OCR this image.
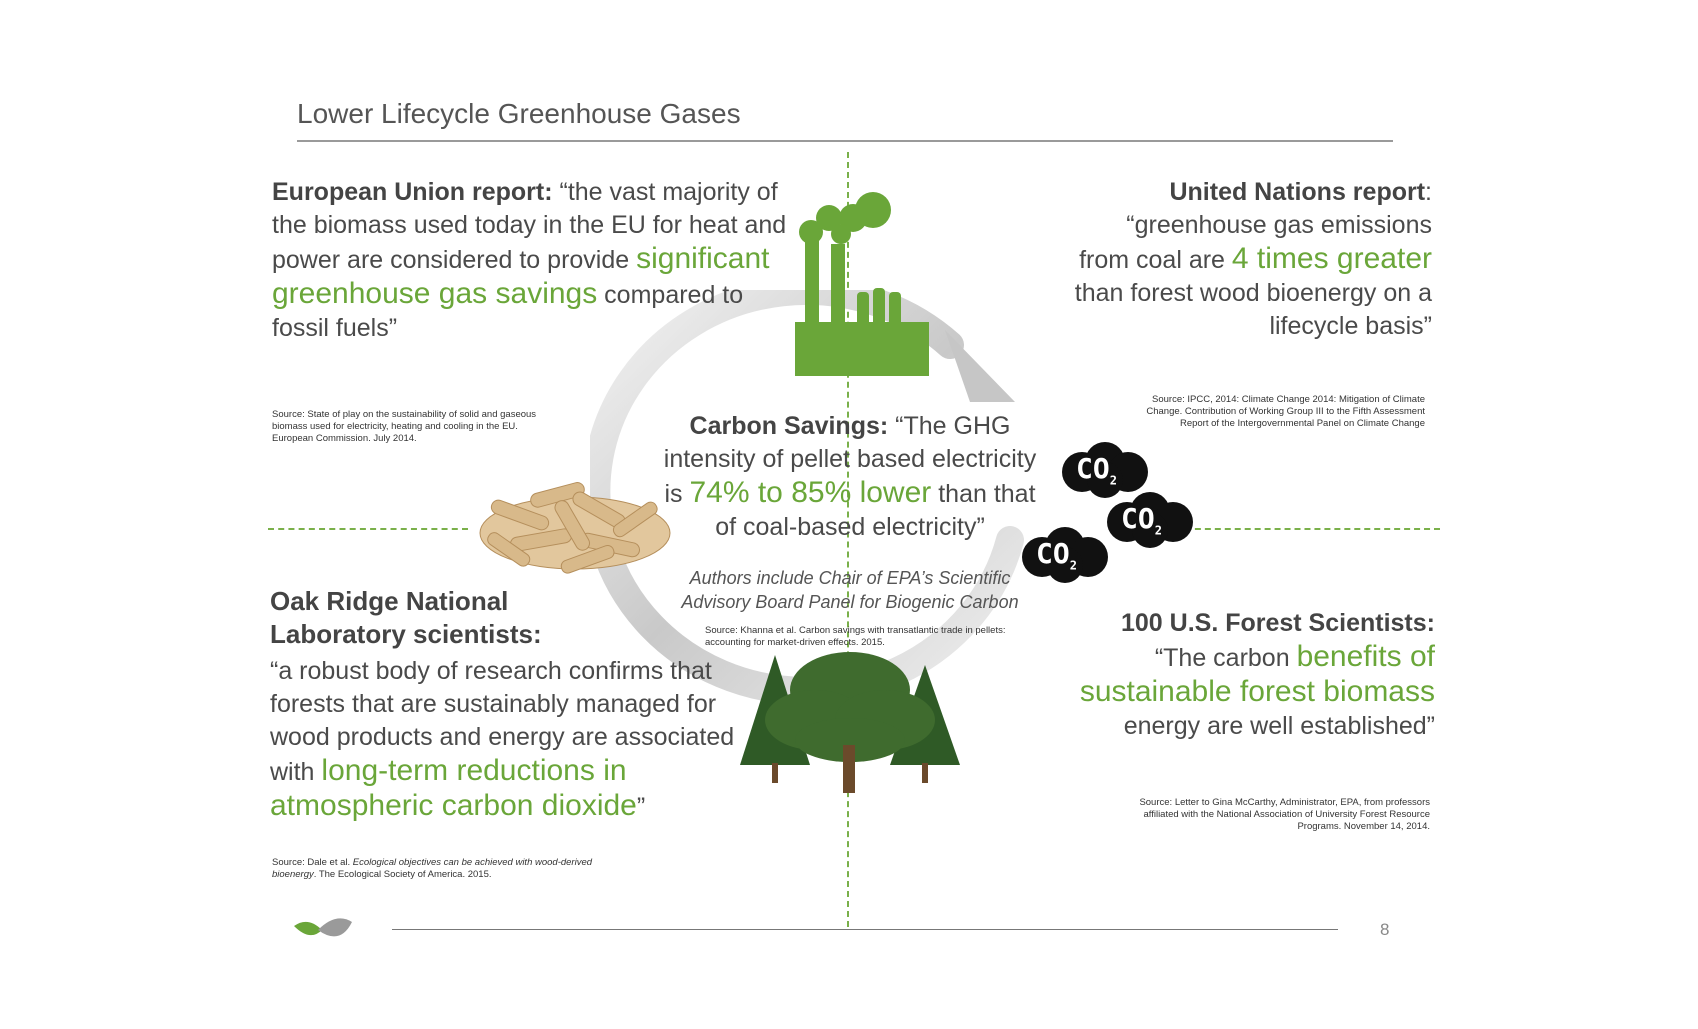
Lower Lifecycle Greenhouse Gases
European Union report: “the vast majority of the biomass used today in the EU for heat and power are considered to provide significant greenhouse gas savings compared to fossil fuels”
Source: State of play on the sustainability of solid and gaseous biomass used for electricity, heating and cooling in the EU. European Commission. July 2014.
United Nations report:
“greenhouse gas emissions from coal are 4 times greater than forest wood bioenergy on a lifecycle basis”
Source: IPCC, 2014: Climate Change 2014: Mitigation of Climate Change. Contribution of Working Group III to the Fifth Assessment Report of the Intergovernmental Panel on Climate Change
Carbon Savings: “The GHG intensity of pellet based electricity is 74% to 85% lower than that of coal-based electricity”
Authors include Chair of EPA’s Scientific Advisory Board Panel for Biogenic Carbon
Source: Khanna et al. Carbon savings with transatlantic trade in pellets: accounting for market-driven effects. 2015.
$CO_2$
$CO_2$
$CO_2$
Oak Ridge National Laboratory scientists:
“a robust body of research confirms that forests that are sustainably managed for wood products and energy are associated with long-term reductions in atmospheric carbon dioxide”
Source: Dale et al. Ecological objectives can be achieved with wood-derived bioenergy. The Ecological Society of America. 2015.
100 U.S. Forest Scientists:
“The carbon benefits of sustainable forest biomass energy are well established”
Source: Letter to Gina McCarthy, Administrator, EPA, from professors affiliated with the National Association of University Forest Resource Programs. November 14, 2014.
8
